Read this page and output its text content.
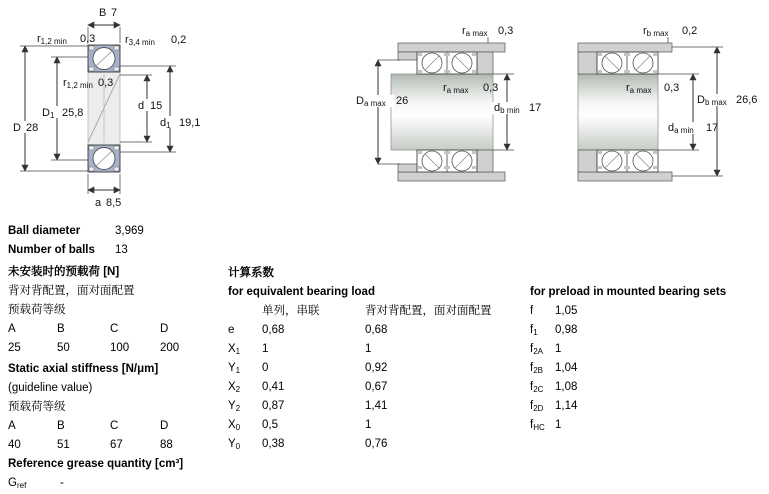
B 7
r1,2 min 0,3	r3,4 min 0,2
r1,2 min 0,3
D1 25,8
D 28
d 15
d1 19,1
a 8,5
ra max 0,3
ra max 0,3
Da max 26
db min 17
rb max 0,2
ra max 0,3
Db max 26,6
da min 17
Ball diameter	3,969
Number of balls 13
未安装时的预载荷 [N]
背对背配置，面对面配置
预载荷等级
A	B	C	D
25	50	100	200
Static axial stiffness [N/μm]
(guideline value)
预载荷等级
A	B	C	D
40	51	67	88
Reference grease quantity [cm³]
Gref	-
计算系数
for equivalent bearing load
单列，串联	背对背配置，面对面配置
e 0,68	0,68
X1 1	1
Y1 0	0,92
X2 0,41	0,67
Y2 0,87	1,41
X0 0,5	1
Y0 0,38	0,76
for preload in mounted bearing sets
f 1,05
f1 0,98
f2A 1
f2B 1,04
f2C 1,08
f2D 1,14
fHC 1
